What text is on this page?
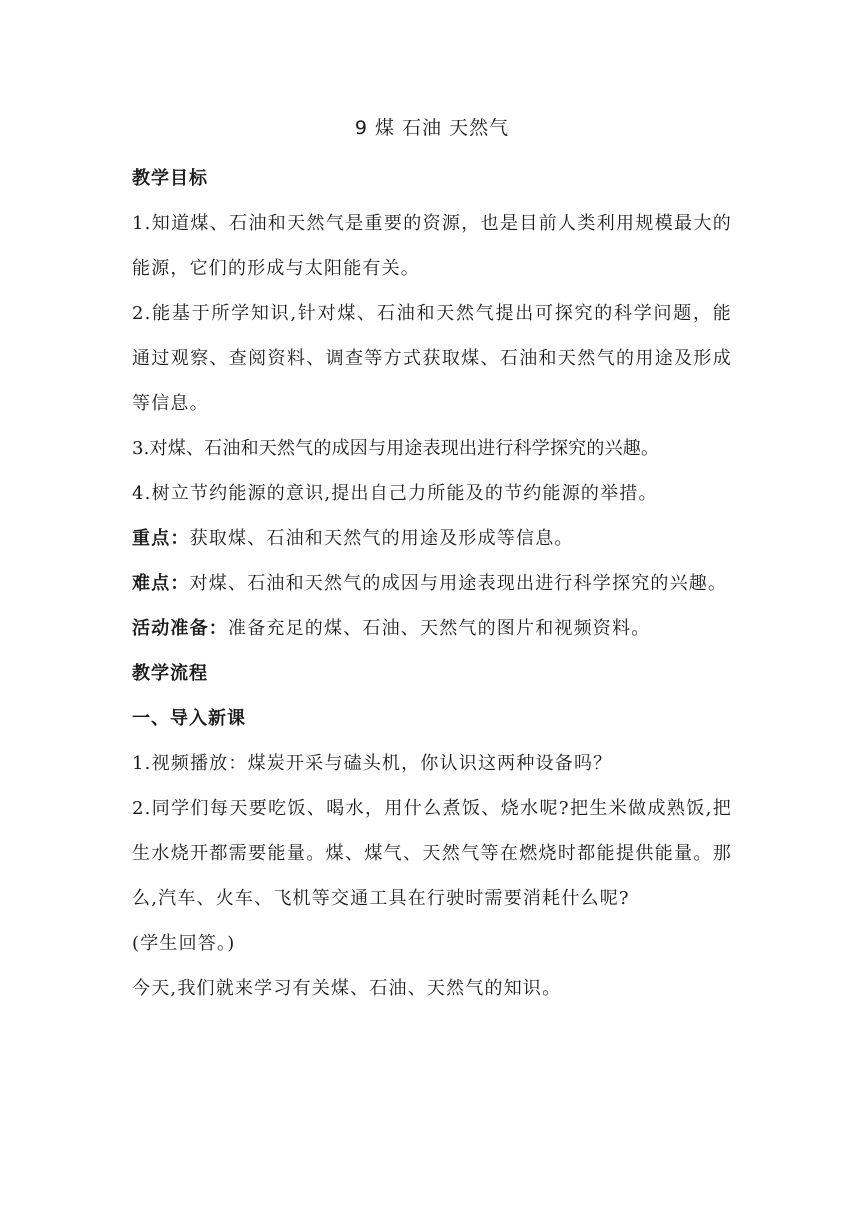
9 煤 石油 天然气
教学目标

1.知道煤、石油和天然气是重要的资源，也是目前人类利用规模最大的能源，它们的形成与太阳能有关。

2.能基于所学知识,针对煤、石油和天然气提出可探究的科学问题，能通过观察、查阅资料、调查等方式获取煤、石油和天然气的用途及形成等信息。

3.对煤、石油和天然气的成因与用途表现出进行科学探究的兴趣。

4.树立节约能源的意识,提出自己力所能及的节约能源的举措。

重点：获取煤、石油和天然气的用途及形成等信息。

难点：对煤、石油和天然气的成因与用途表现出进行科学探究的兴趣。

活动准备：准备充足的煤、石油、天然气的图片和视频资料。

教学流程
一、导入新课

1.视频播放：煤炭开采与磕头机，你认识这两种设备吗？

2.同学们每天要吃饭、喝水，用什么煮饭、烧水呢?把生米做成熟饭,把生水烧开都需要能量。煤、煤气、天然气等在燃烧时都能提供能量。那么,汽车、火车、飞机等交通工具在行驶时需要消耗什么呢?

(学生回答。)

今天,我们就来学习有关煤、石油、天然气的知识。
